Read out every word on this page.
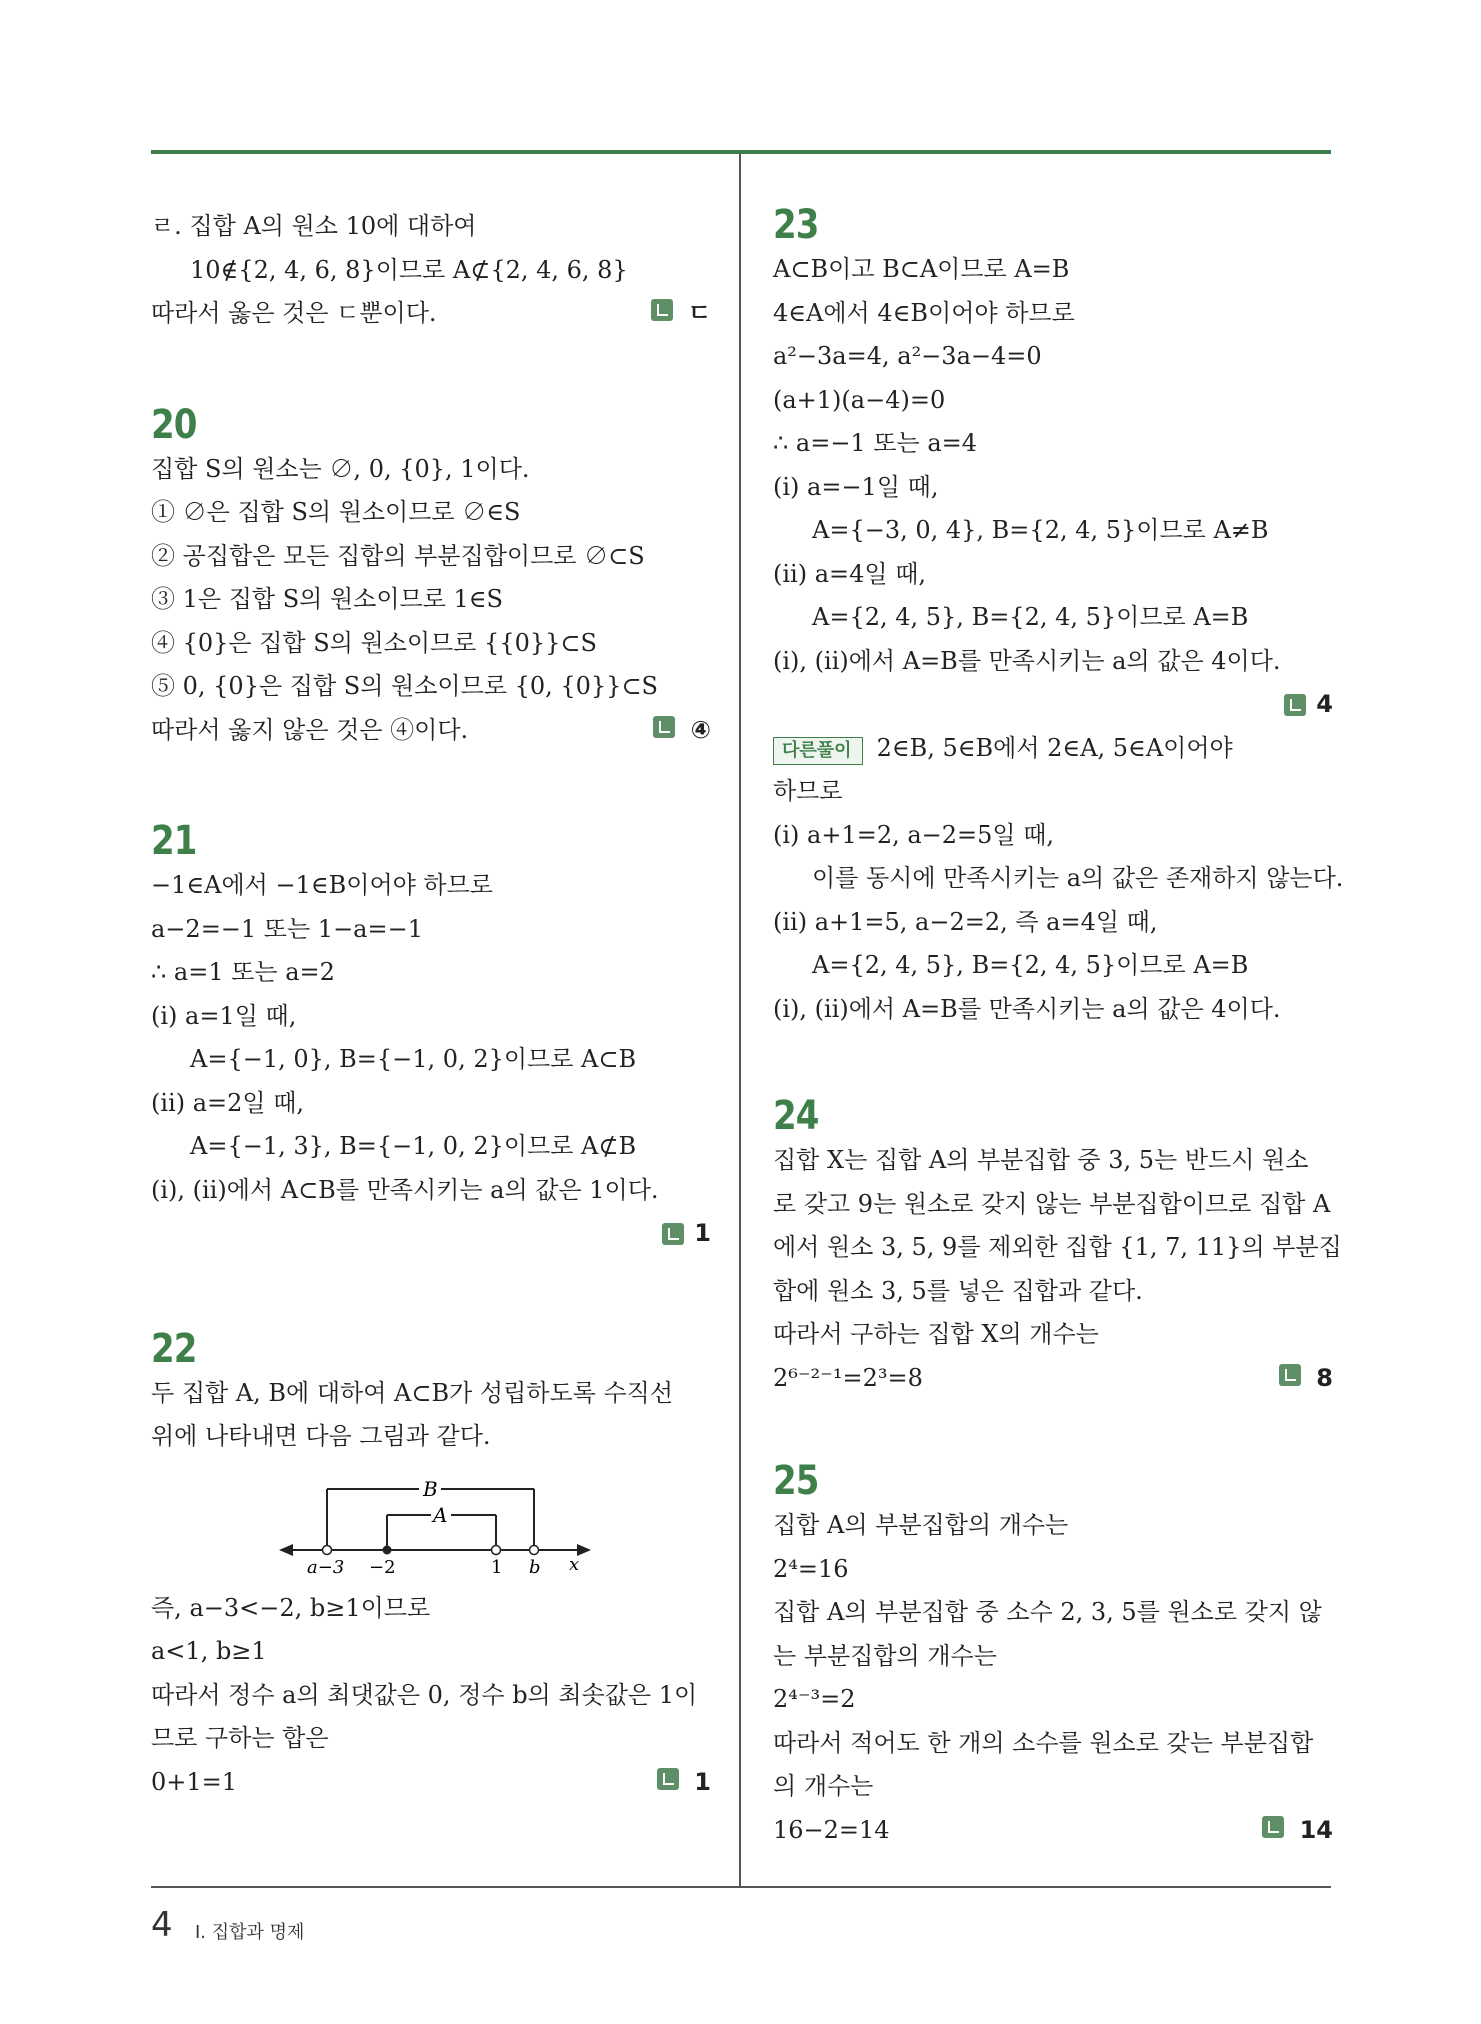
ㄹ. 집합 A의 원소 10에 대하여
10∉{2, 4, 6, 8}이므로 A⊄{2, 4, 6, 8}
따라서 옳은 것은 ㄷ뿐이다.	ㄷ
20
집합 S의 원소는 ∅, 0, {0}, 1이다.
① ∅은 집합 S의 원소이므로 ∅∈S
② 공집합은 모든 집합의 부분집합이므로 ∅⊂S
③ 1은 집합 S의 원소이므로 1∈S
④ {0}은 집합 S의 원소이므로 {{0}}⊂S
⑤ 0, {0}은 집합 S의 원소이므로 {0, {0}}⊂S
따라서 옳지 않은 것은 ④이다.	④
21
−1∈A에서 −1∈B이어야 하므로
a−2=−1 또는 1−a=−1
∴ a=1 또는 a=2
(ⅰ) a=1일 때,
A={−1, 0}, B={−1, 0, 2}이므로 A⊂B
(ⅱ) a=2일 때,
A={−1, 3}, B={−1, 0, 2}이므로 A⊄B
(ⅰ), (ⅱ)에서 A⊂B를 만족시키는 a의 값은 1이다.
1
22
두 집합 A, B에 대하여 A⊂B가 성립하도록 수직선
위에 나타내면 다음 그림과 같다.
B
A
a−3 −2	1 b x
즉, a−3<−2, b≥1이므로
a<1, b≥1
따라서 정수 a의 최댓값은 0, 정수 b의 최솟값은 1이
므로 구하는 합은
0+1=1	1
23
A⊂B이고 B⊂A이므로 A=B
4∈A에서 4∈B이어야 하므로
a²−3a=4, a²−3a−4=0
(a+1)(a−4)=0
∴ a=−1 또는 a=4
(ⅰ) a=−1일 때,
A={−3, 0, 4}, B={2, 4, 5}이므로 A≠B
(ⅱ) a=4일 때,
A={2, 4, 5}, B={2, 4, 5}이므로 A=B
(ⅰ), (ⅱ)에서 A=B를 만족시키는 a의 값은 4이다.
4
다른풀이 2∈B, 5∈B에서 2∈A, 5∈A이어야
하므로
(ⅰ) a+1=2, a−2=5일 때,
이를 동시에 만족시키는 a의 값은 존재하지 않는다.
(ⅱ) a+1=5, a−2=2, 즉 a=4일 때,
A={2, 4, 5}, B={2, 4, 5}이므로 A=B
(ⅰ), (ⅱ)에서 A=B를 만족시키는 a의 값은 4이다.
24
집합 X는 집합 A의 부분집합 중 3, 5는 반드시 원소
로 갖고 9는 원소로 갖지 않는 부분집합이므로 집합 A
에서 원소 3, 5, 9를 제외한 집합 {1, 7, 11}의 부분집
합에 원소 3, 5를 넣은 집합과 같다.
따라서 구하는 집합 X의 개수는
2⁶⁻²⁻¹=2³=8	8
25
집합 A의 부분집합의 개수는
2⁴=16
집합 A의 부분집합 중 소수 2, 3, 5를 원소로 갖지 않
는 부분집합의 개수는
2⁴⁻³=2
따라서 적어도 한 개의 소수를 원소로 갖는 부분집합
의 개수는
16−2=14	14
4 Ⅰ. 집합과 명제
